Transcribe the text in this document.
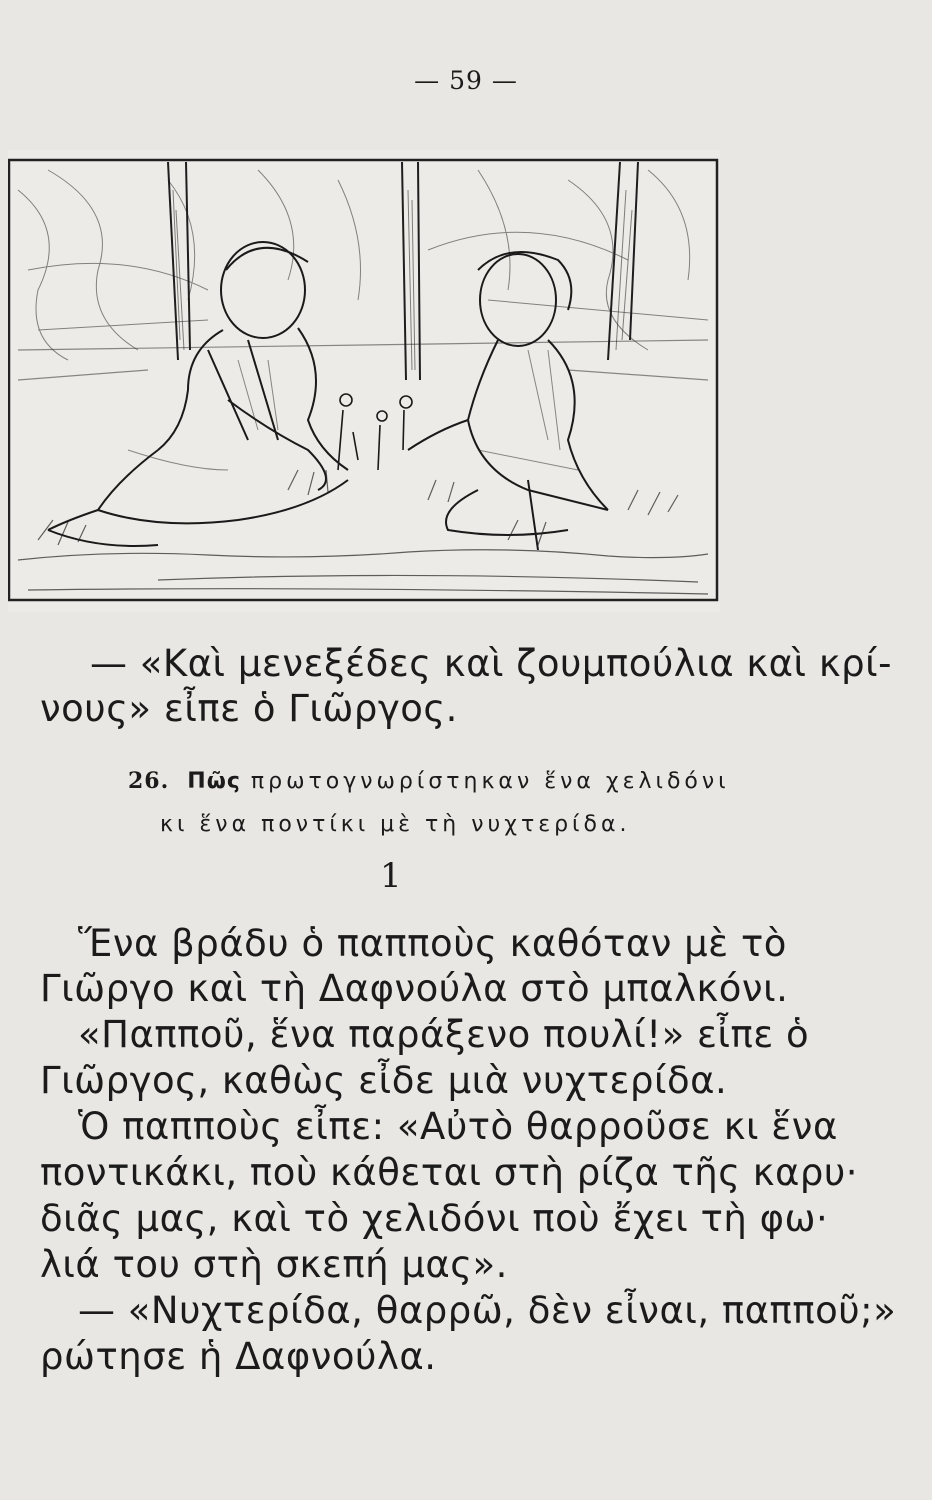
— 59 —
— «Καὶ μενεξέδες καὶ ζουμπούλια καὶ κρί-
νους» εἶπε ὁ Γιῶργος.
26. Πῶς πρωτογνωρίστηκαν ἕνα χελιδόνι
κι ἕνα ποντίκι μὲ τὴ νυχτερίδα.
1
Ἕνα βράδυ ὁ παπποὺς καθόταν μὲ τὸ
Γιῶργο καὶ τὴ Δαφνούλα στὸ μπαλκόνι.
«Παπποῦ, ἕνα παράξενο πουλί!» εἶπε ὁ
Γιῶργος, καθὼς εἶδε μιὰ νυχτερίδα.
Ὁ παπποὺς εἶπε: «Αὐτὸ θαρροῦσε κι ἕνα
ποντικάκι, ποὺ κάθεται στὴ ρίζα τῆς καρυ·
διᾶς μας, καὶ τὸ χελιδόνι ποὺ ἔχει τὴ φω·
λιά του στὴ σκεπή μας».
— «Νυχτερίδα, θαρρῶ, δὲν εἶναι, παπποῦ;»
ρώτησε ἡ Δαφνούλα.
